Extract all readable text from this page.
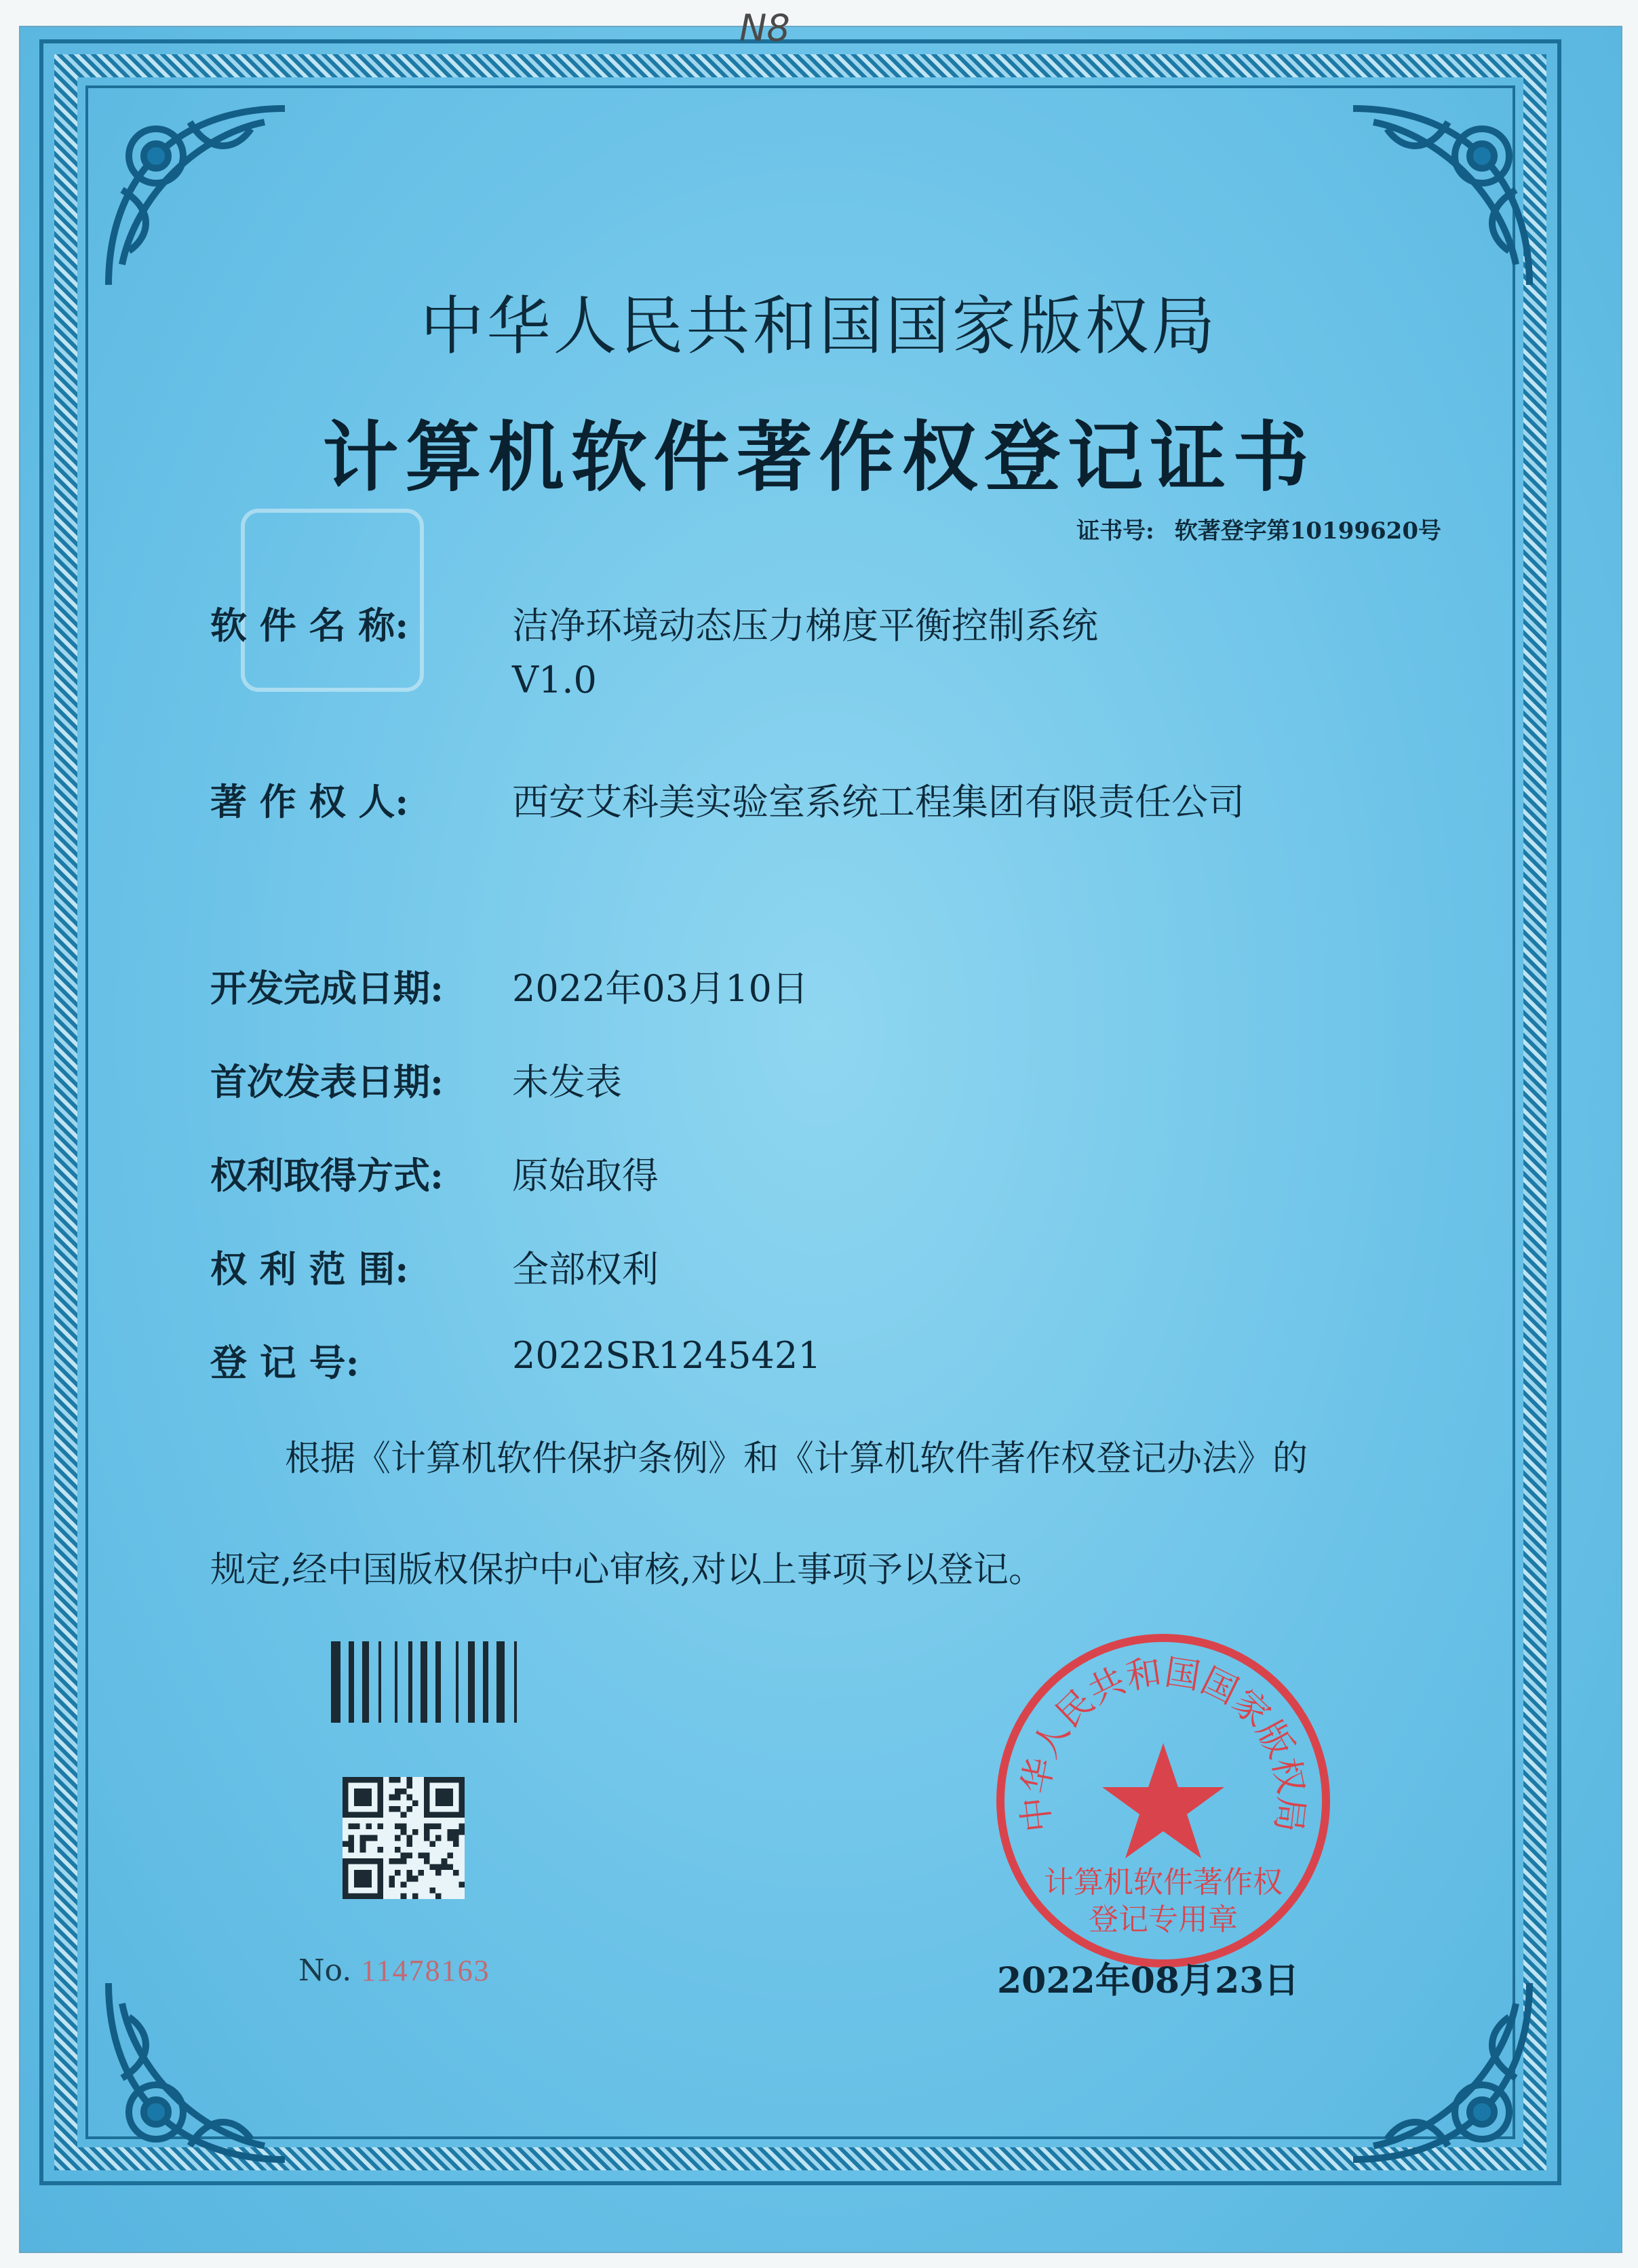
N8
中华人民共和国国家版权局
计算机软件著作权登记证书
证书号: 软著登字第10199620号
软 件 名 称:	洁净环境动态压力梯度平衡控制系统
V1.0
著 作 权 人:	西安艾科美实验室系统工程集团有限责任公司
开发完成日期: 2022年03月10日
首次发表日期: 未发表
权利取得方式: 原始取得
权 利 范 围:	全部权利
登 记 号:	2022SR1245421
根据《计算机软件保护条例》和《计算机软件著作权登记办法》的
规定,经中国版权保护中心审核,对以上事项予以登记。
No. 11478163
中华人民共和国国家版权局
计算机软件著作权
登记专用章
2022年08月23日
